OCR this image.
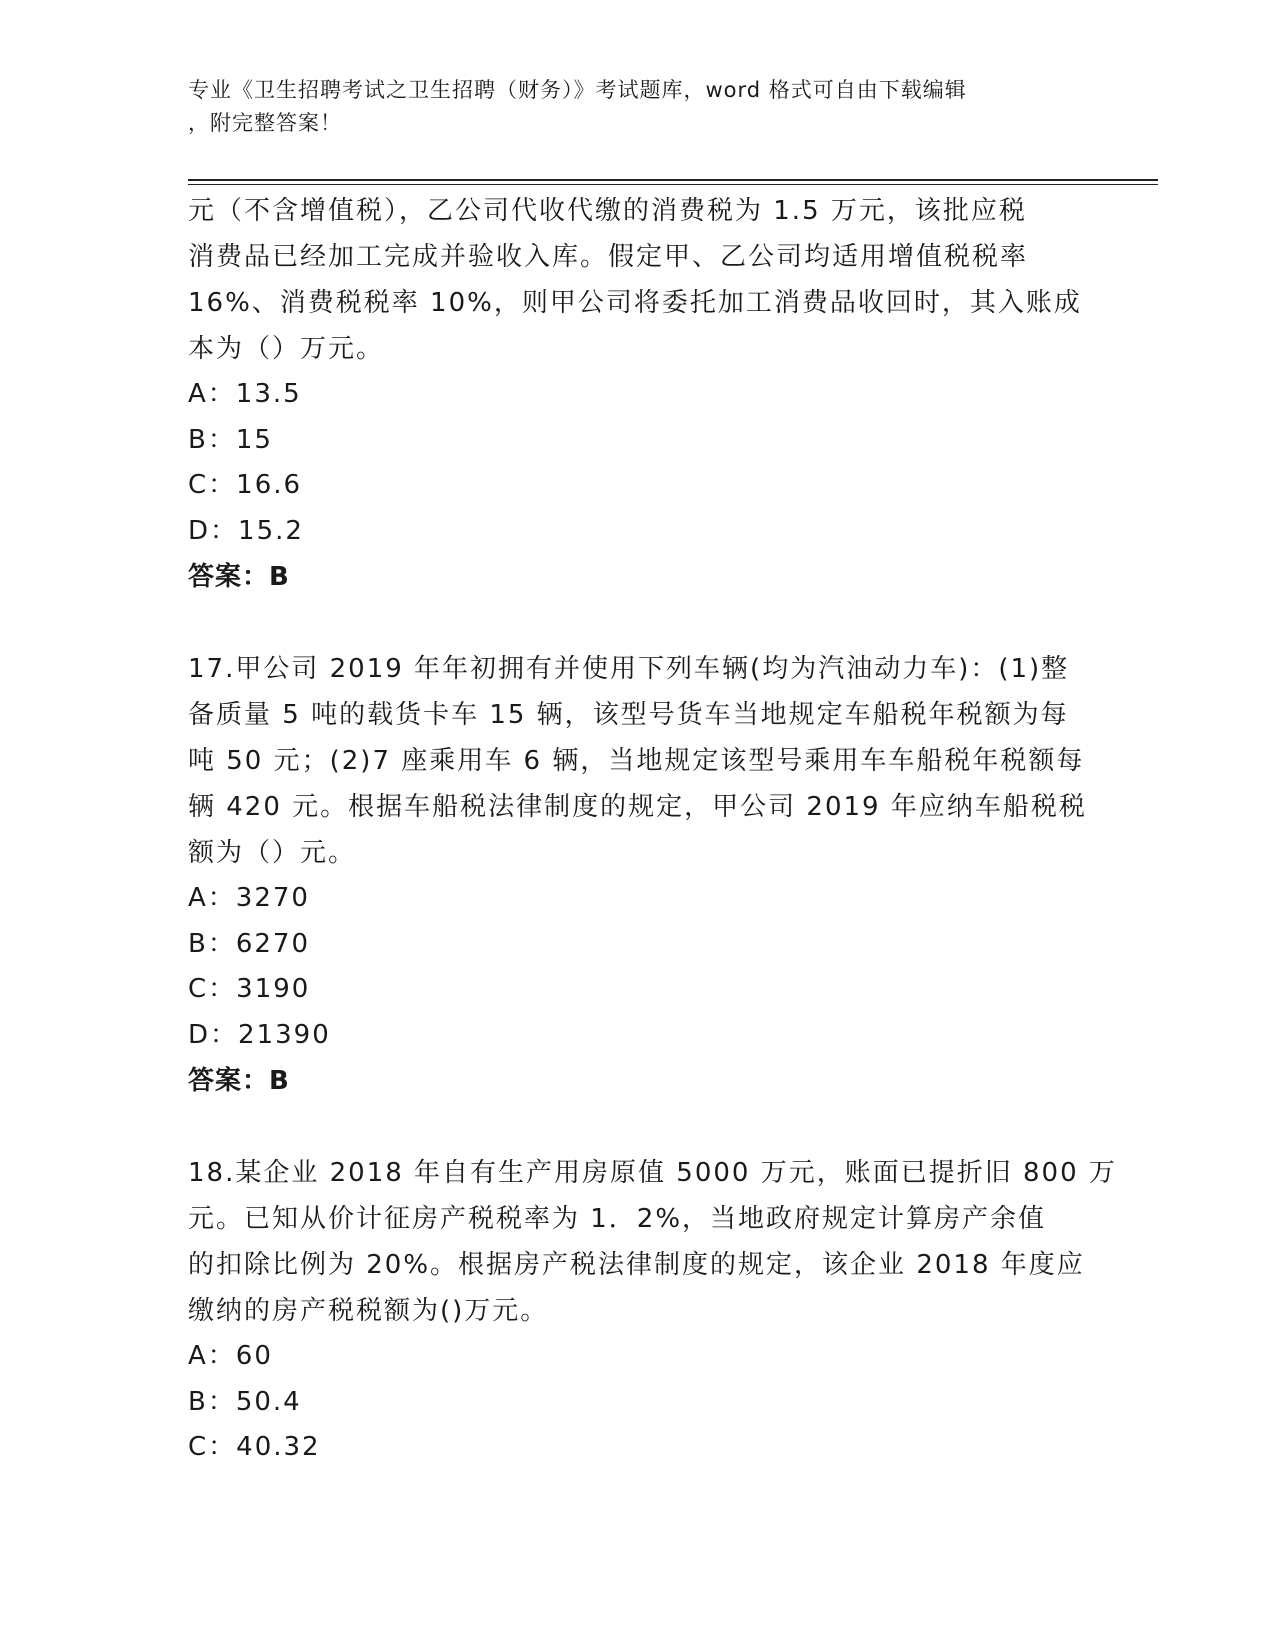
专业《卫生招聘考试之卫生招聘（财务）》考试题库，word 格式可自由下载编辑
，附完整答案！

元（不含增值税），乙公司代收代缴的消费税为 1.5 万元，该批应税
消费品已经加工完成并验收入库。假定甲、乙公司均适用增值税税率
16%、消费税税率 10%，则甲公司将委托加工消费品收回时，其入账成
本为（）万元。

A：13.5
B：15
C：16.6
D：15.2
答案：B

17.甲公司 2019 年年初拥有并使用下列车辆(均为汽油动力车)：(1)整
备质量 5 吨的载货卡车 15 辆，该型号货车当地规定车船税年税额为每
吨 50 元；(2)7 座乘用车 6 辆，当地规定该型号乘用车车船税年税额每
辆 420 元。根据车船税法律制度的规定，甲公司 2019 年应纳车船税税
额为（）元。

A：3270
B：6270
C：3190
D：21390
答案：B

18.某企业 2018 年自有生产用房原值 5000 万元，账面已提折旧 800 万
元。已知从价计征房产税税率为 1．2%，当地政府规定计算房产余值
的扣除比例为 20%。根据房产税法律制度的规定，该企业 2018 年度应
缴纳的房产税税额为()万元。

A：60
B：50.4
C：40.32
